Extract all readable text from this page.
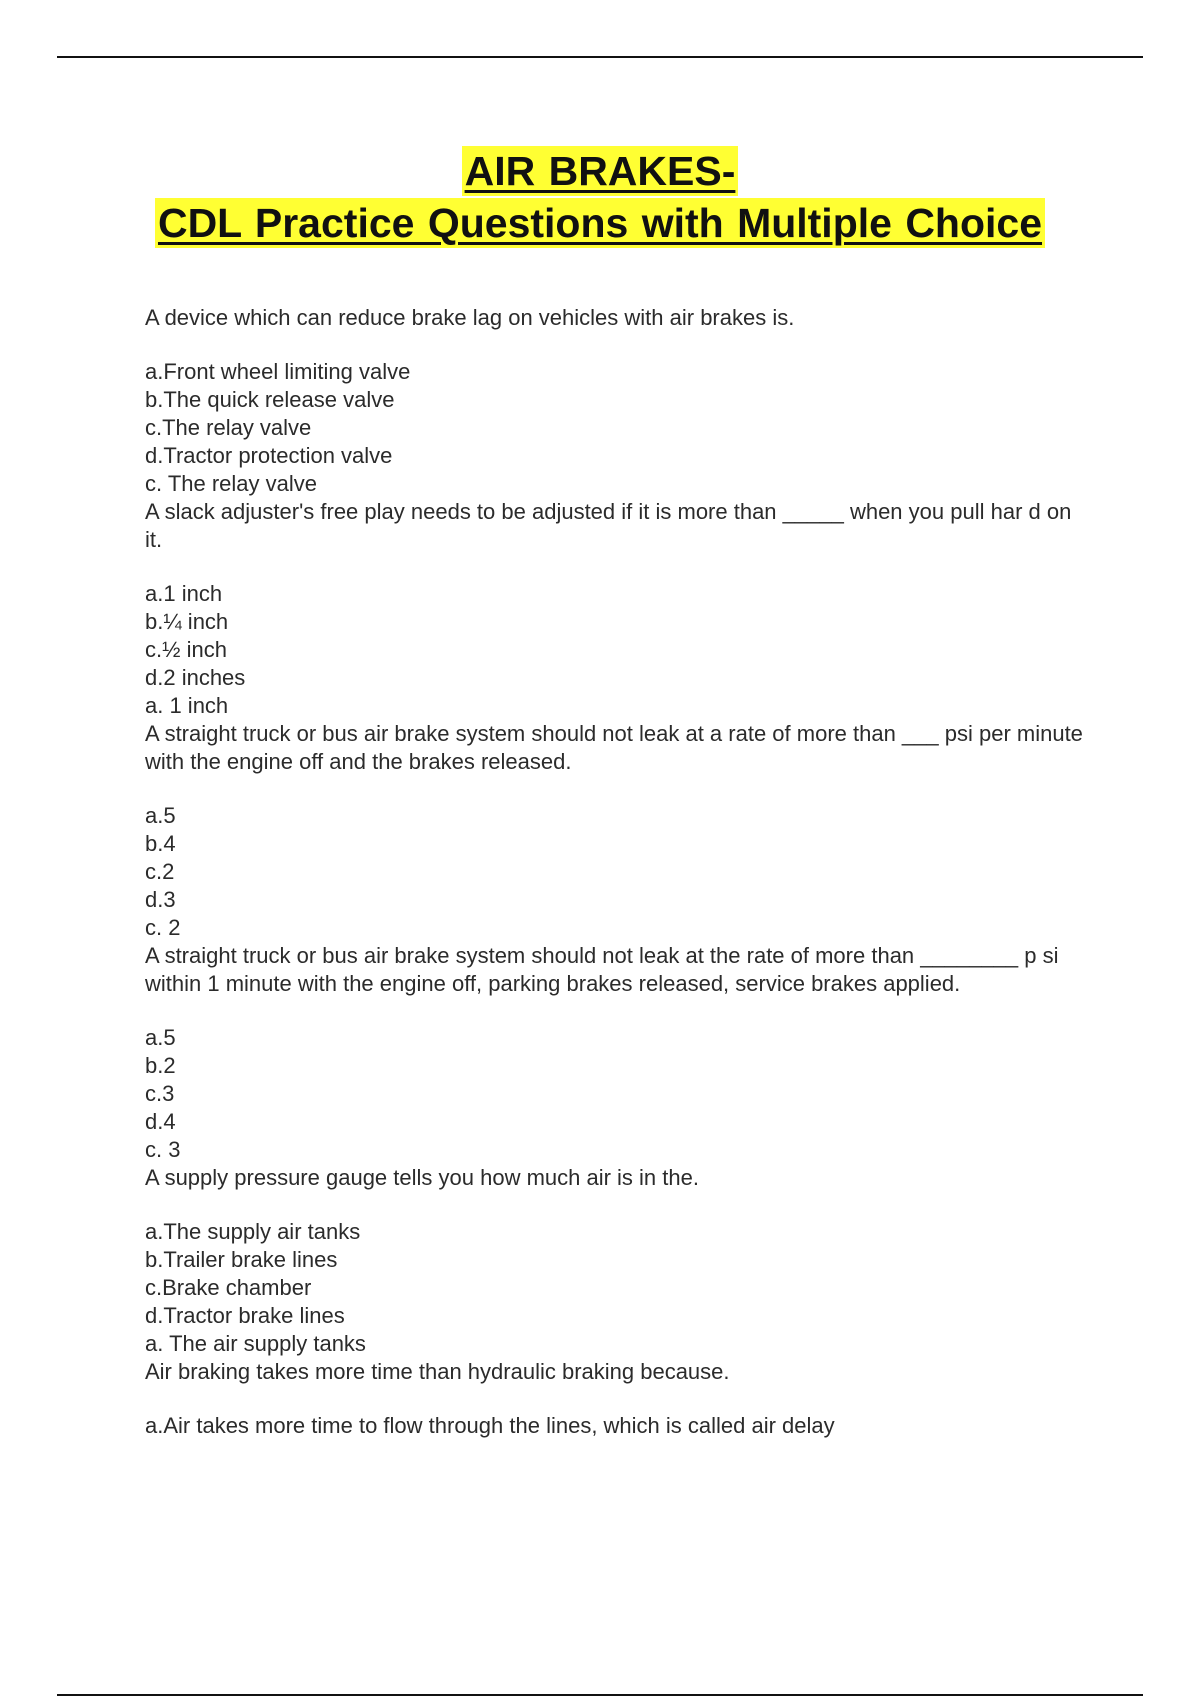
AIR BRAKES-
CDL Practice Questions with Multiple Choice

A device which can reduce brake lag on vehicles with air brakes is.

a.Front wheel limiting valve

b.The quick release valve

c.The relay valve

d.Tractor protection valve

c. The relay valve

A slack adjuster's free play needs to be adjusted if it is more than _____ when you pull har d on it.

a.1 inch

b.¼ inch

c.½ inch

d.2 inches

a. 1 inch

A straight truck or bus air brake system should not leak at a rate of more than ___ psi per minute with the engine off and the brakes released.

a.5

b.4

c.2

d.3

c. 2

A straight truck or bus air brake system should not leak at the rate of more than ________ p si within 1 minute with the engine off, parking brakes released, service brakes applied.

a.5

b.2

c.3

d.4

c. 3

A supply pressure gauge tells you how much air is in the.

a.The supply air tanks

b.Trailer brake lines

c.Brake chamber

d.Tractor brake lines

a. The air supply tanks

Air braking takes more time than hydraulic braking because.

a.Air takes more time to flow through the lines, which is called air delay
